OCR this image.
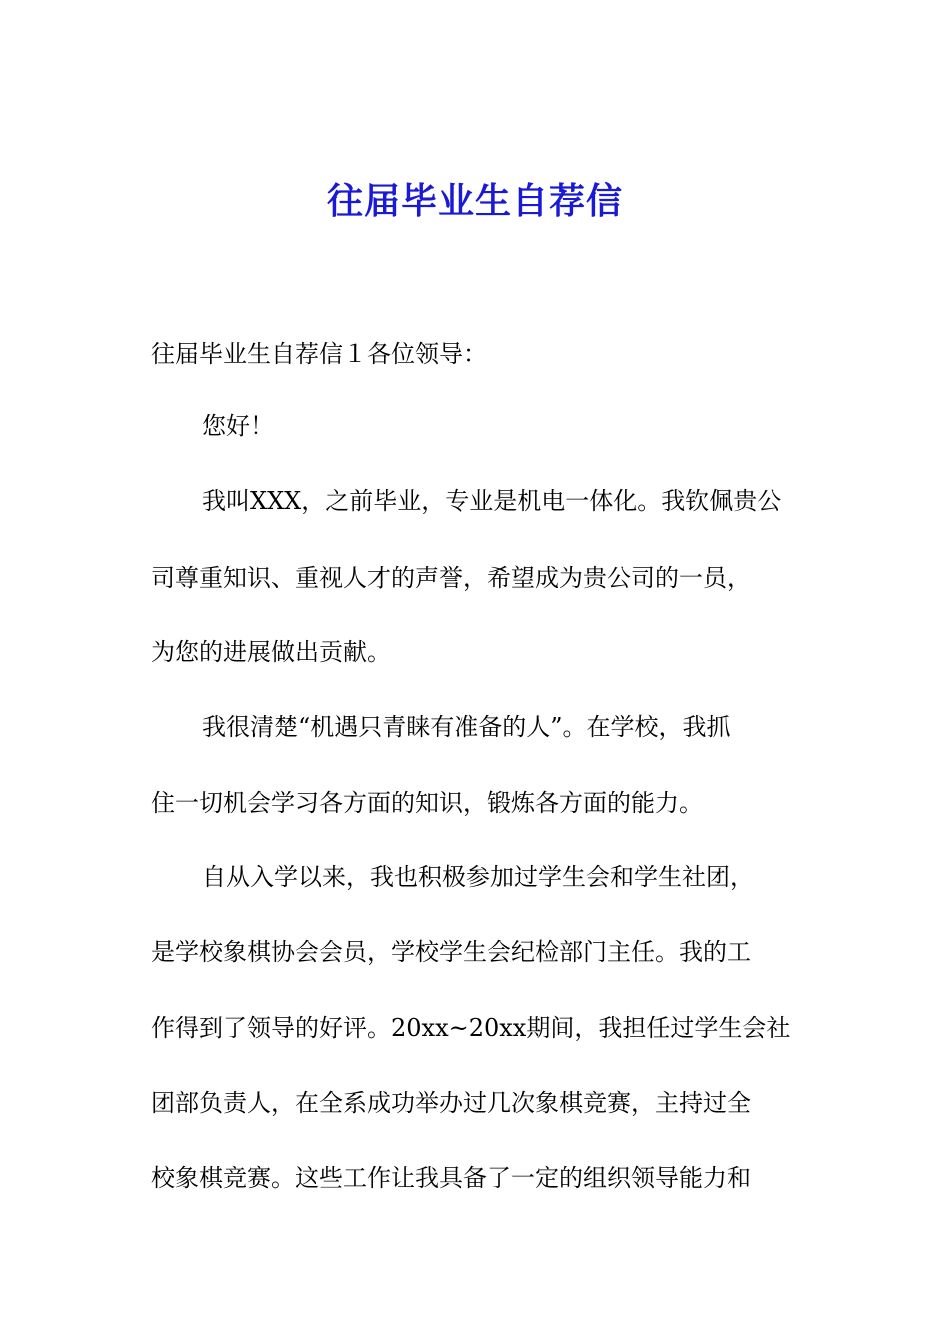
往届毕业生自荐信
往届毕业生自荐信１各位领导：
您好！
我叫XXX，之前毕业，专业是机电一体化。我钦佩贵公
司尊重知识、重视人才的声誉，希望成为贵公司的一员，
为您的进展做出贡献。
我很清楚“机遇只青睐有准备的人”。在学校，我抓
住一切机会学习各方面的知识，锻炼各方面的能力。
自从入学以来，我也积极参加过学生会和学生社团，
是学校象棋协会会员，学校学生会纪检部门主任。我的工
作得到了领导的好评。20xx~20xx期间，我担任过学生会社
团部负责人，在全系成功举办过几次象棋竞赛，主持过全
校象棋竞赛。这些工作让我具备了一定的组织领导能力和
